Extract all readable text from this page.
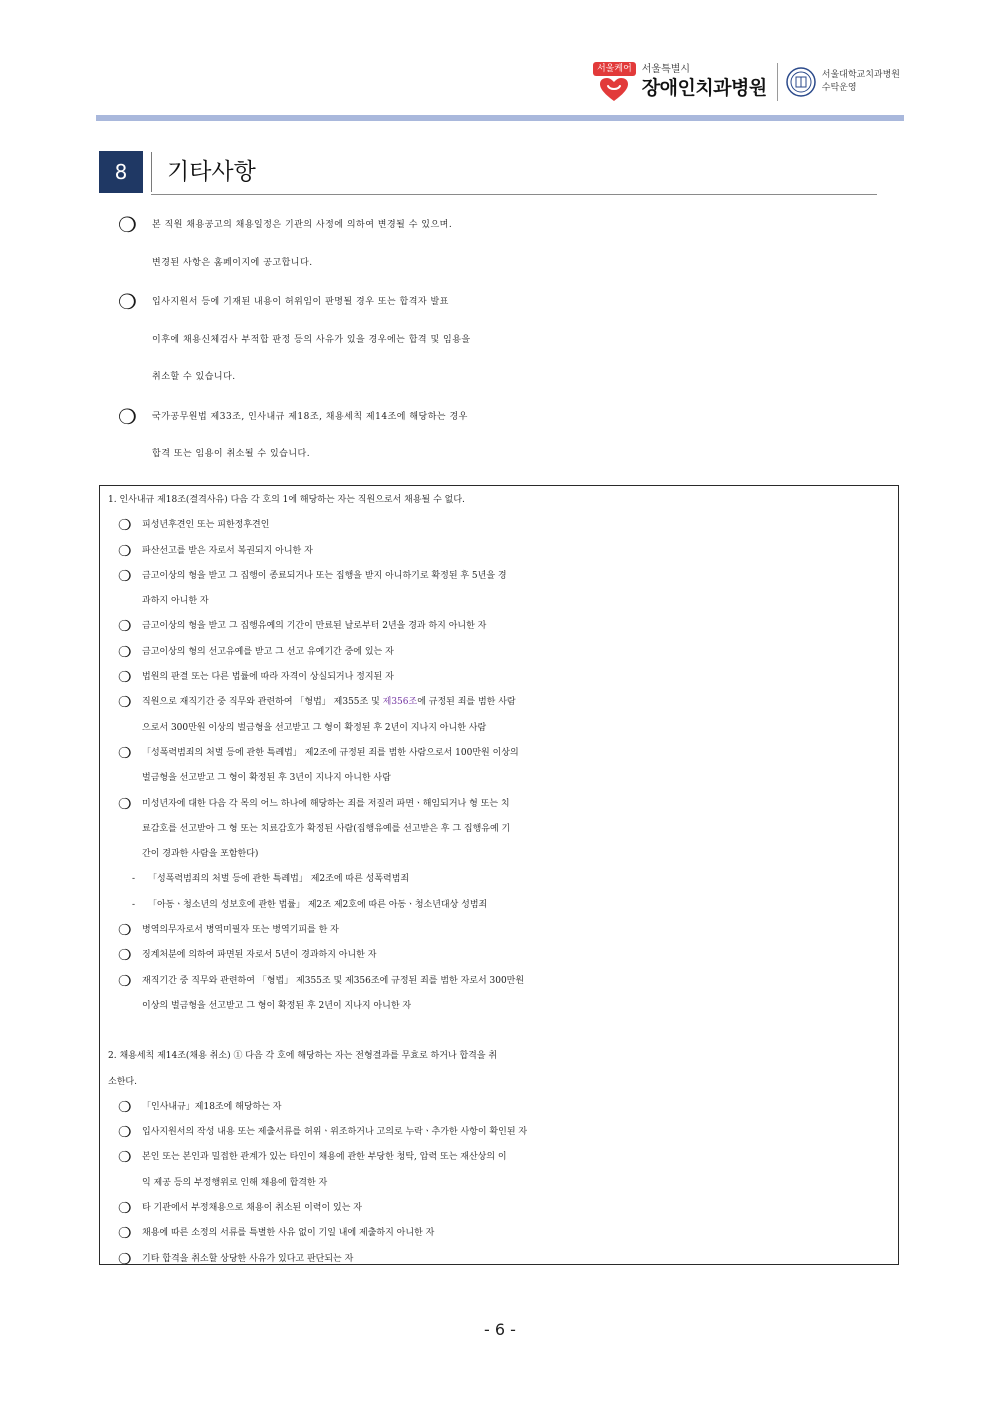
서울케어	서울특별시
장애인치과병원
서울대학교치과병원
수탁운영
8	기타사항
❍ 본 직원 채용공고의 채용일정은 기관의 사정에 의하여 변경될 수 있으며.
변경된 사항은 홈페이지에 공고합니다.
❍ 입사지원서 등에 기재된 내용이 허위임이 판명될 경우 또는 합격자 발표
이후에 채용신체검사 부적합 판정 등의 사유가 있을 경우에는 합격 및 임용을
취소할 수 있습니다.
❍ 국가공무원법 제33조, 인사내규 제18조, 채용세칙 제14조에 해당하는 경우
합격 또는 임용이 취소될 수 있습니다.
1. 인사내규 제18조(결격사유) 다음 각 호의 1에 해당하는 자는 직원으로서 채용될 수 없다.
❍ 피성년후견인 또는 피한정후견인
❍ 파산선고를 받은 자로서 복권되지 아니한 자
❍ 금고이상의 형을 받고 그 집행이 종료되거나 또는 집행을 받지 아니하기로 확정된 후 5년을 경
과하지 아니한 자
❍ 금고이상의 형을 받고 그 집행유예의 기간이 만료된 날로부터 2년을 경과 하지 아니한 자
❍ 금고이상의 형의 선고유예를 받고 그 선고 유예기간 중에 있는 자
❍ 법원의 판결 또는 다른 법률에 따라 자격이 상실되거나 정지된 자
❍ 직원으로 재직기간 중 직무와 관련하여 「형법」 제355조 및 제356조에 규정된 죄를 범한 사람
으로서 300만원 이상의 벌금형을 선고받고 그 형이 확정된 후 2년이 지나지 아니한 사람
❍ 「성폭력범죄의 처벌 등에 관한 특례법」 제2조에 규정된 죄를 범한 사람으로서 100만원 이상의
벌금형을 선고받고 그 형이 확정된 후 3년이 지나지 아니한 사람
❍ 미성년자에 대한 다음 각 목의 어느 하나에 해당하는 죄를 저질러 파면ㆍ해임되거나 형 또는 치
료감호를 선고받아 그 형 또는 치료감호가 확정된 사람(집행유예를 선고받은 후 그 집행유예 기
간이 경과한 사람을 포함한다)
- 「성폭력범죄의 처벌 등에 관한 특례법」 제2조에 따른 성폭력범죄
- 「아동ㆍ청소년의 성보호에 관한 법률」 제2조 제2호에 따른 아동ㆍ청소년대상 성범죄
❍ 병역의무자로서 병역미필자 또는 병역기피를 한 자
❍ 징계처분에 의하여 파면된 자로서 5년이 경과하지 아니한 자
❍ 재직기간 중 직무와 관련하여 「형법」 제355조 및 제356조에 규정된 죄를 범한 자로서 300만원
이상의 벌금형을 선고받고 그 형이 확정된 후 2년이 지나지 아니한 자
2. 채용세칙 제14조(채용 취소) ① 다음 각 호에 해당하는 자는 전형결과를 무효로 하거나 합격을 취
소한다.
❍ 「인사내규」제18조에 해당하는 자
❍ 입사지원서의 작성 내용 또는 제출서류를 허위ㆍ위조하거나 고의로 누락ㆍ추가한 사항이 확인된 자
❍ 본인 또는 본인과 밀접한 관계가 있는 타인이 채용에 관한 부당한 청탁, 압력 또는 재산상의 이
익 제공 등의 부정행위로 인해 채용에 합격한 자
❍ 타 기관에서 부정채용으로 채용이 취소된 이력이 있는 자
❍ 채용에 따른 소정의 서류를 특별한 사유 없이 기일 내에 제출하지 아니한 자
❍ 기타 합격을 취소할 상당한 사유가 있다고 판단되는 자
- 6 -
